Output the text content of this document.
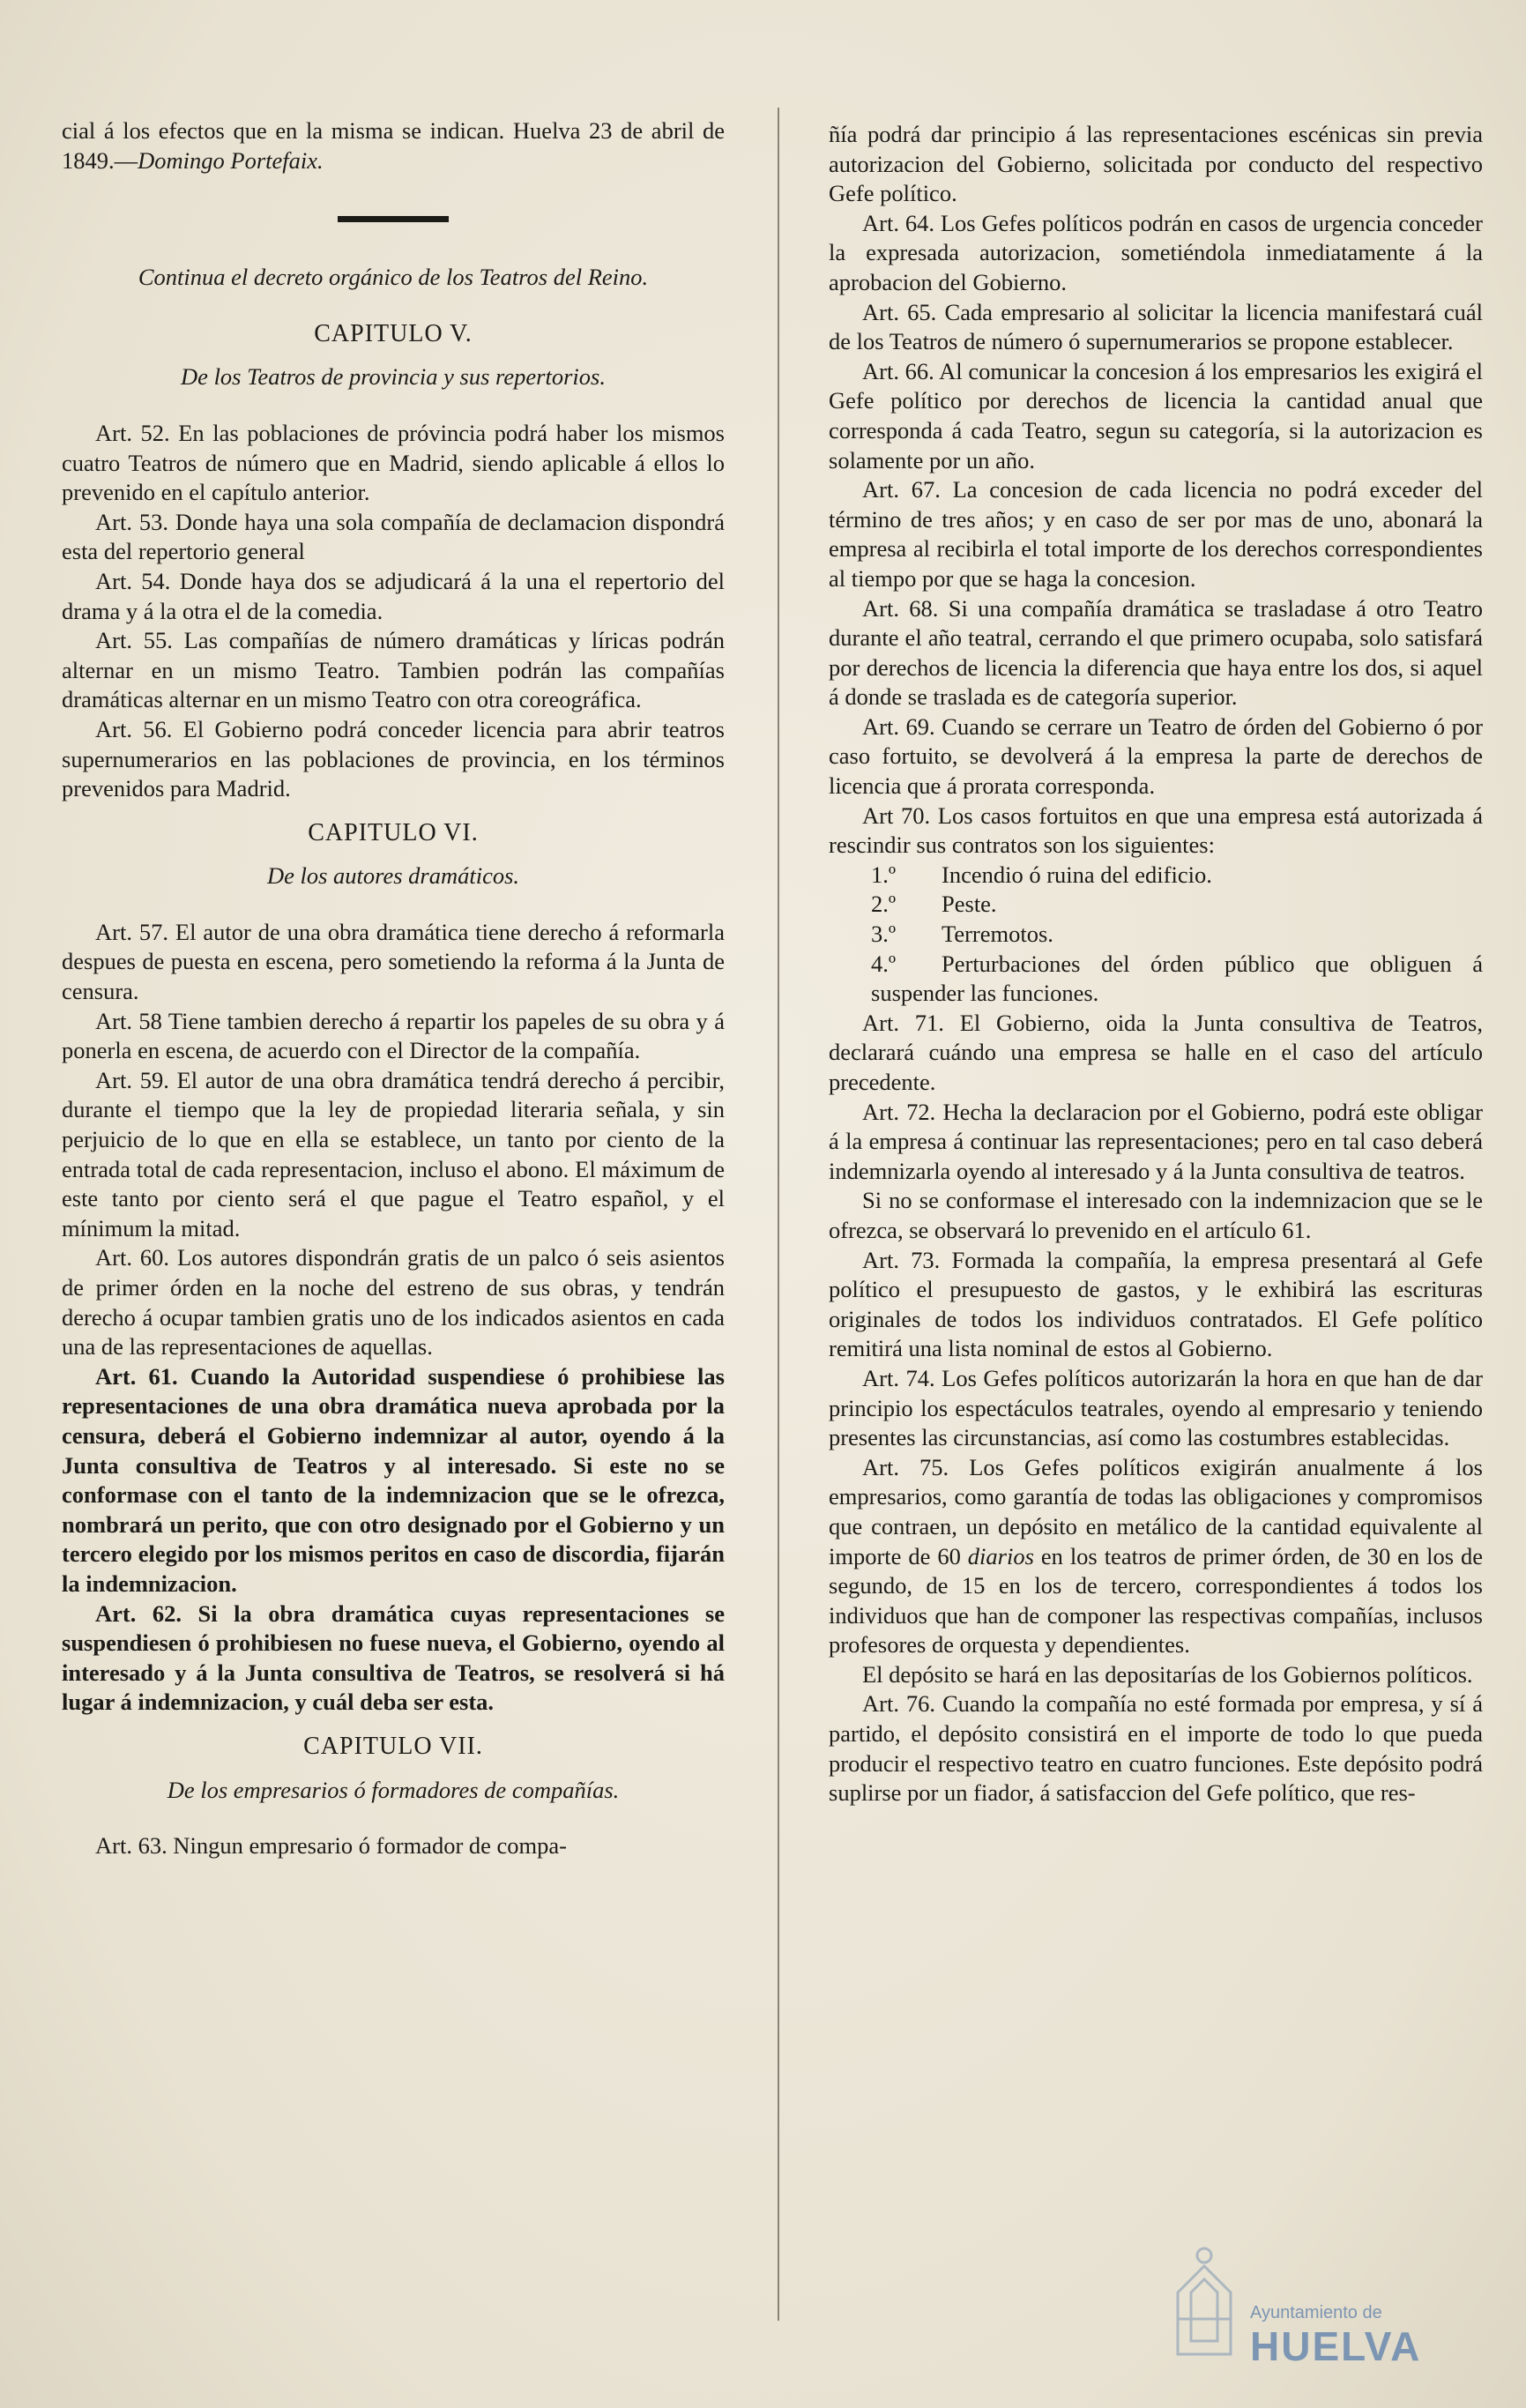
cial á los efectos que en la misma se indican. Huelva 23 de abril de 1849.—Domingo Portefaix.

Continua el decreto orgánico de los Teatros del Reino.

CAPITULO V.

De los Teatros de provincia y sus repertorios.

Art. 52. En las poblaciones de próvincia podrá haber los mismos cuatro Teatros de número que en Madrid, siendo aplicable á ellos lo prevenido en el capítulo anterior.

Art. 53. Donde haya una sola compañía de declamacion dispondrá esta del repertorio general

Art. 54. Donde haya dos se adjudicará á la una el repertorio del drama y á la otra el de la comedia.

Art. 55. Las compañías de número dramáticas y líricas podrán alternar en un mismo Teatro. Tambien podrán las compañías dramáticas alternar en un mismo Teatro con otra coreográfica.

Art. 56. El Gobierno podrá conceder licencia para abrir teatros supernumerarios en las poblaciones de provincia, en los términos prevenidos para Madrid.

CAPITULO VI.

De los autores dramáticos.

Art. 57. El autor de una obra dramática tiene derecho á reformarla despues de puesta en escena, pero sometiendo la reforma á la Junta de censura.

Art. 58 Tiene tambien derecho á repartir los papeles de su obra y á ponerla en escena, de acuerdo con el Director de la compañía.

Art. 59. El autor de una obra dramática tendrá derecho á percibir, durante el tiempo que la ley de propiedad literaria señala, y sin perjuicio de lo que en ella se establece, un tanto por ciento de la entrada total de cada representacion, incluso el abono. El máximum de este tanto por ciento será el que pague el Teatro español, y el mínimum la mitad.

Art. 60. Los autores dispondrán gratis de un palco ó seis asientos de primer órden en la noche del estreno de sus obras, y tendrán derecho á ocupar tambien gratis uno de los indicados asientos en cada una de las representaciones de aquellas.

Art. 61. Cuando la Autoridad suspendiese ó prohibiese las representaciones de una obra dramática nueva aprobada por la censura, deberá el Gobierno indemnizar al autor, oyendo á la Junta consultiva de Teatros y al interesado. Si este no se conformase con el tanto de la indemnizacion que se le ofrezca, nombrará un perito, que con otro designado por el Gobierno y un tercero elegido por los mismos peritos en caso de discordia, fijarán la indemnizacion.

Art. 62. Si la obra dramática cuyas representaciones se suspendiesen ó prohibiesen no fuese nueva, el Gobierno, oyendo al interesado y á la Junta consultiva de Teatros, se resolverá si há lugar á indemnizacion, y cuál deba ser esta.

CAPITULO VII.

De los empresarios ó formadores de compañías.

Art. 63. Ningun empresario ó formador de compa-

ñía podrá dar principio á las representaciones escénicas sin previa autorizacion del Gobierno, solicitada por conducto del respectivo Gefe político.

Art. 64. Los Gefes políticos podrán en casos de urgencia conceder la expresada autorizacion, sometiéndola inmediatamente á la aprobacion del Gobierno.

Art. 65. Cada empresario al solicitar la licencia manifestará cuál de los Teatros de número ó supernumerarios se propone establecer.

Art. 66. Al comunicar la concesion á los empresarios les exigirá el Gefe político por derechos de licencia la cantidad anual que corresponda á cada Teatro, segun su categoría, si la autorizacion es solamente por un año.

Art. 67. La concesion de cada licencia no podrá exceder del término de tres años; y en caso de ser por mas de uno, abonará la empresa al recibirla el total importe de los derechos correspondientes al tiempo por que se haga la concesion.

Art. 68. Si una compañía dramática se trasladase á otro Teatro durante el año teatral, cerrando el que primero ocupaba, solo satisfará por derechos de licencia la diferencia que haya entre los dos, si aquel á donde se traslada es de categoría superior.

Art. 69. Cuando se cerrare un Teatro de órden del Gobierno ó por caso fortuito, se devolverá á la empresa la parte de derechos de licencia que á prorata corresponda.

Art 70. Los casos fortuitos en que una empresa está autorizada á rescindir sus contratos son los siguientes:

1.º Incendio ó ruina del edificio.

2.º Peste.

3.º Terremotos.

4.º Perturbaciones del órden público que obliguen á suspender las funciones.

Art. 71. El Gobierno, oida la Junta consultiva de Teatros, declarará cuándo una empresa se halle en el caso del artículo precedente.

Art. 72. Hecha la declaracion por el Gobierno, podrá este obligar á la empresa á continuar las representaciones; pero en tal caso deberá indemnizarla oyendo al interesado y á la Junta consultiva de teatros.

Si no se conformase el interesado con la indemnizacion que se le ofrezca, se observará lo prevenido en el artículo 61.

Art. 73. Formada la compañía, la empresa presentará al Gefe político el presupuesto de gastos, y le exhibirá las escrituras originales de todos los individuos contratados. El Gefe político remitirá una lista nominal de estos al Gobierno.

Art. 74. Los Gefes políticos autorizarán la hora en que han de dar principio los espectáculos teatrales, oyendo al empresario y teniendo presentes las circunstancias, así como las costumbres establecidas.

Art. 75. Los Gefes políticos exigirán anualmente á los empresarios, como garantía de todas las obligaciones y compromisos que contraen, un depósito en metálico de la cantidad equivalente al importe de 60 diarios en los teatros de primer órden, de 30 en los de segundo, de 15 en los de tercero, correspondientes á todos los individuos que han de componer las respectivas compañías, inclusos profesores de orquesta y dependientes.

El depósito se hará en las depositarías de los Gobiernos políticos.

Art. 76. Cuando la compañía no esté formada por empresa, y sí á partido, el depósito consistirá en el importe de todo lo que pueda producir el respectivo teatro en cuatro funciones. Este depósito podrá suplirse por un fiador, á satisfaccion del Gefe político, que res-

Ayuntamiento de
HUELVA
